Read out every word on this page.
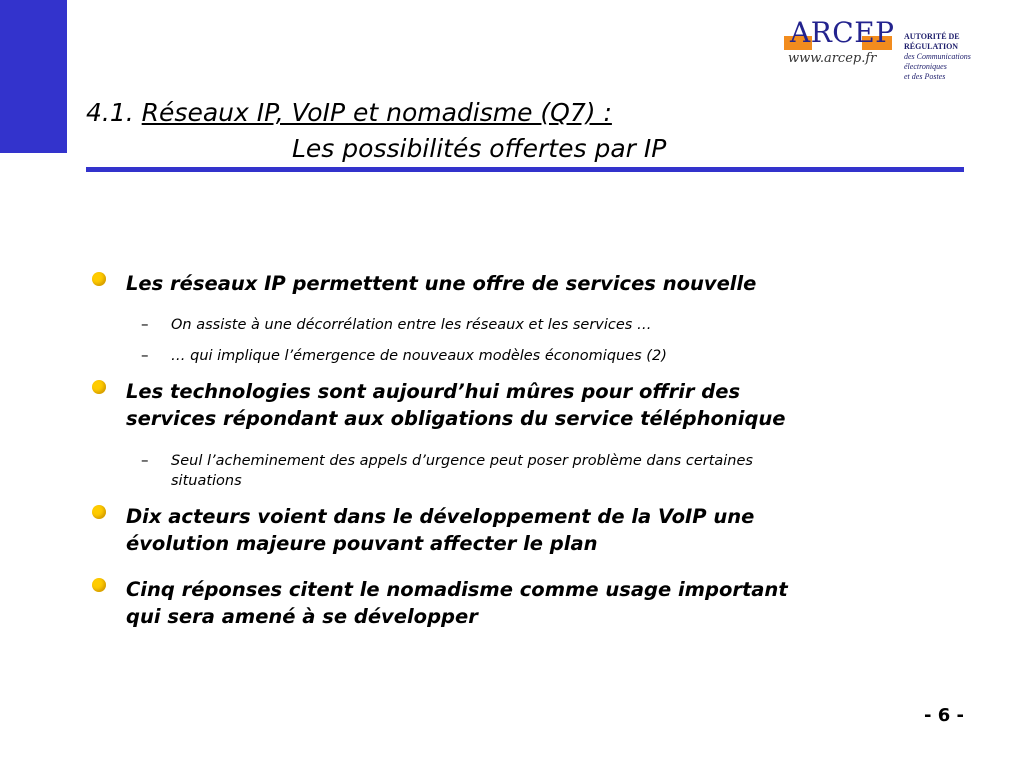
ARCEP
www.arcep.fr
AUTORITÉ DE RÉGULATION
des Communications électroniques
et des Postes
4.1. Réseaux IP, VoIP et nomadisme (Q7) :
Les possibilités offertes par IP
Les réseaux IP permettent une offre de services nouvelle
– On assiste à une décorrélation entre les réseaux et les services …
– … qui implique l’émergence de nouveaux modèles économiques (2)
Les technologies sont aujourd’hui mûres pour offrir des
services répondant aux obligations du service téléphonique
– Seul l’acheminement des appels d’urgence peut poser problème dans certaines
situations
Dix acteurs voient dans le développement de la VoIP une
évolution majeure pouvant affecter le plan
Cinq réponses citent le nomadisme comme usage important
qui sera amené à se développer
- 6 -
